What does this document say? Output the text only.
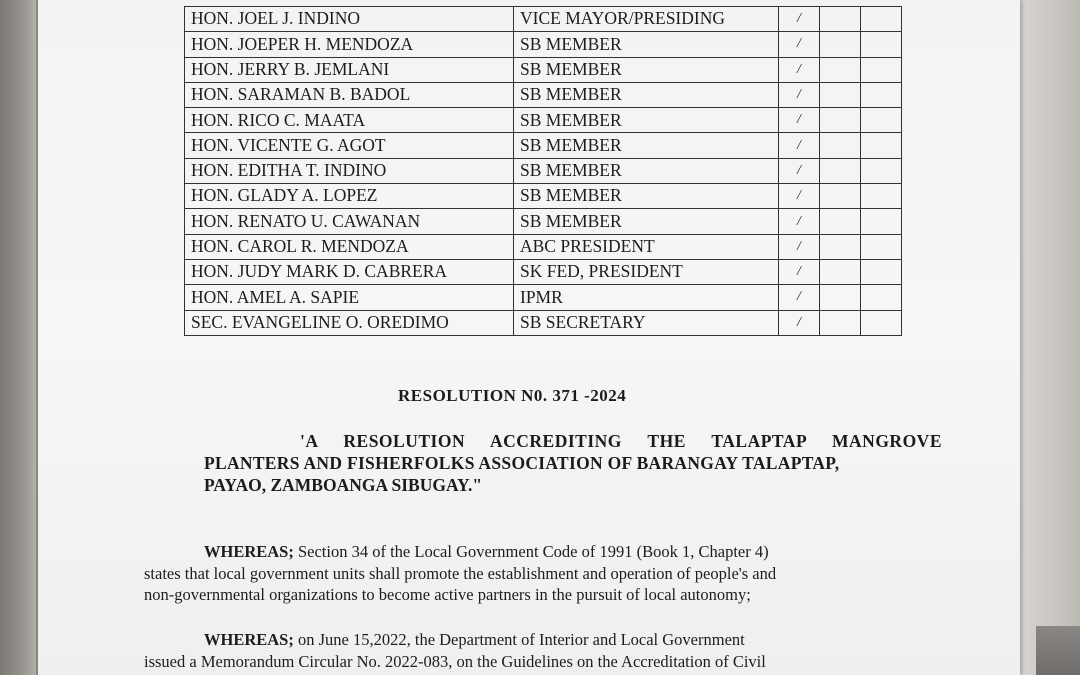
HON. JOEL J. INDINO	VICE MAYOR/PRESIDING	/		
HON. JOEPER H. MENDOZA	SB MEMBER	/		
HON. JERRY B. JEMLANI	SB MEMBER	/		
HON. SARAMAN B. BADOL	SB MEMBER	/		
HON. RICO C. MAATA	SB MEMBER	/		
HON. VICENTE G. AGOT	SB MEMBER	/		
HON. EDITHA T. INDINO	SB MEMBER	/		
HON. GLADY A. LOPEZ	SB MEMBER	/		
HON. RENATO U. CAWANAN	SB MEMBER	/		
HON. CAROL R. MENDOZA	ABC PRESIDENT	/		
HON. JUDY MARK D. CABRERA	SK FED, PRESIDENT	/		
HON. AMEL A. SAPIE	IPMR	/		
SEC. EVANGELINE O. OREDIMO	SB SECRETARY	/		
RESOLUTION N0. 371 -2024
'A RESOLUTION ACCREDITING THE TALAPTAP MANGROVE
PLANTERS AND FISHERFOLKS ASSOCIATION OF BARANGAY TALAPTAP,
PAYAO, ZAMBOANGA SIBUGAY."
WHEREAS; Section 34 of the Local Government Code of 1991 (Book 1, Chapter 4)
states that local government units shall promote the establishment and operation of people's and
non-governmental organizations to become active partners in the pursuit of local autonomy;
WHEREAS; on June 15,2022, the Department of Interior and Local Government
issued a Memorandum Circular No. 2022-083, on the Guidelines on the Accreditation of Civil
